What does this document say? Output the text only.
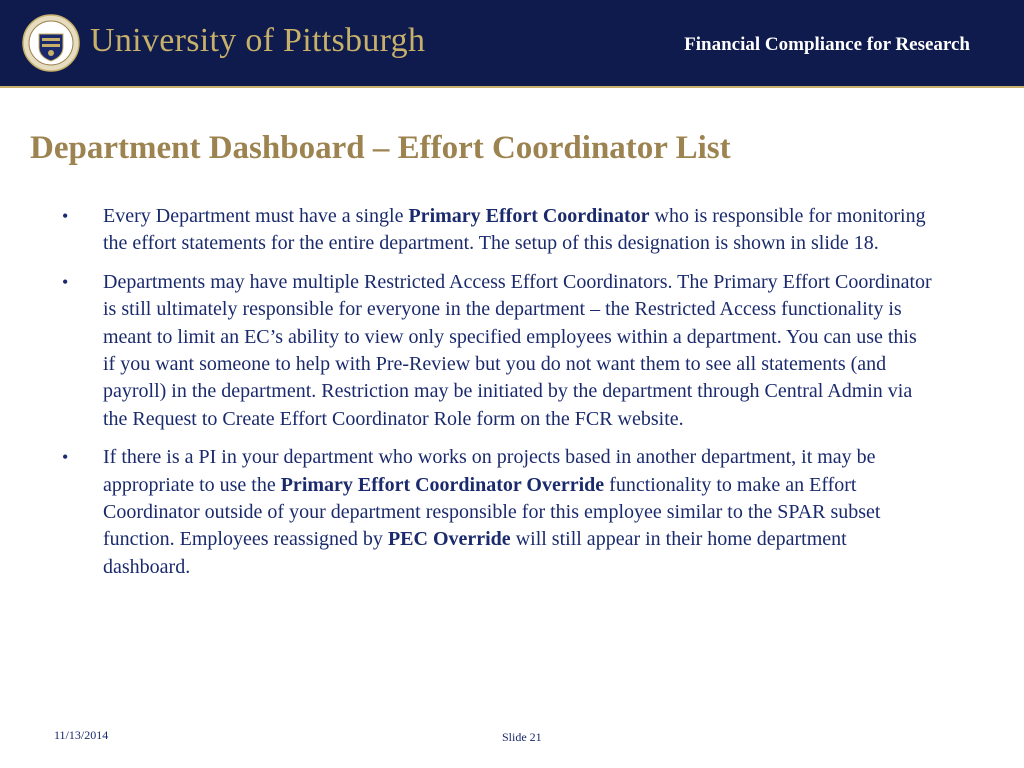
University of Pittsburgh	Financial Compliance for Research
Department Dashboard – Effort Coordinator List
• Every Department must have a single Primary Effort Coordinator who is responsible for monitoring the effort statements for the entire department. The setup of this designation is shown in slide 18.
• Departments may have multiple Restricted Access Effort Coordinators. The Primary Effort Coordinator is still ultimately responsible for everyone in the department – the Restricted Access functionality is meant to limit an EC’s ability to view only specified employees within a department. You can use this if you want someone to help with Pre-Review but you do not want them to see all statements (and payroll) in the department. Restriction may be initiated by the department through Central Admin via the Request to Create Effort Coordinator Role form on the FCR website.
• If there is a PI in your department who works on projects based in another department, it may be appropriate to use the Primary Effort Coordinator Override functionality to make an Effort Coordinator outside of your department responsible for this employee similar to the SPAR subset function. Employees reassigned by PEC Override will still appear in their home department dashboard.
11/13/2014	Slide 21
